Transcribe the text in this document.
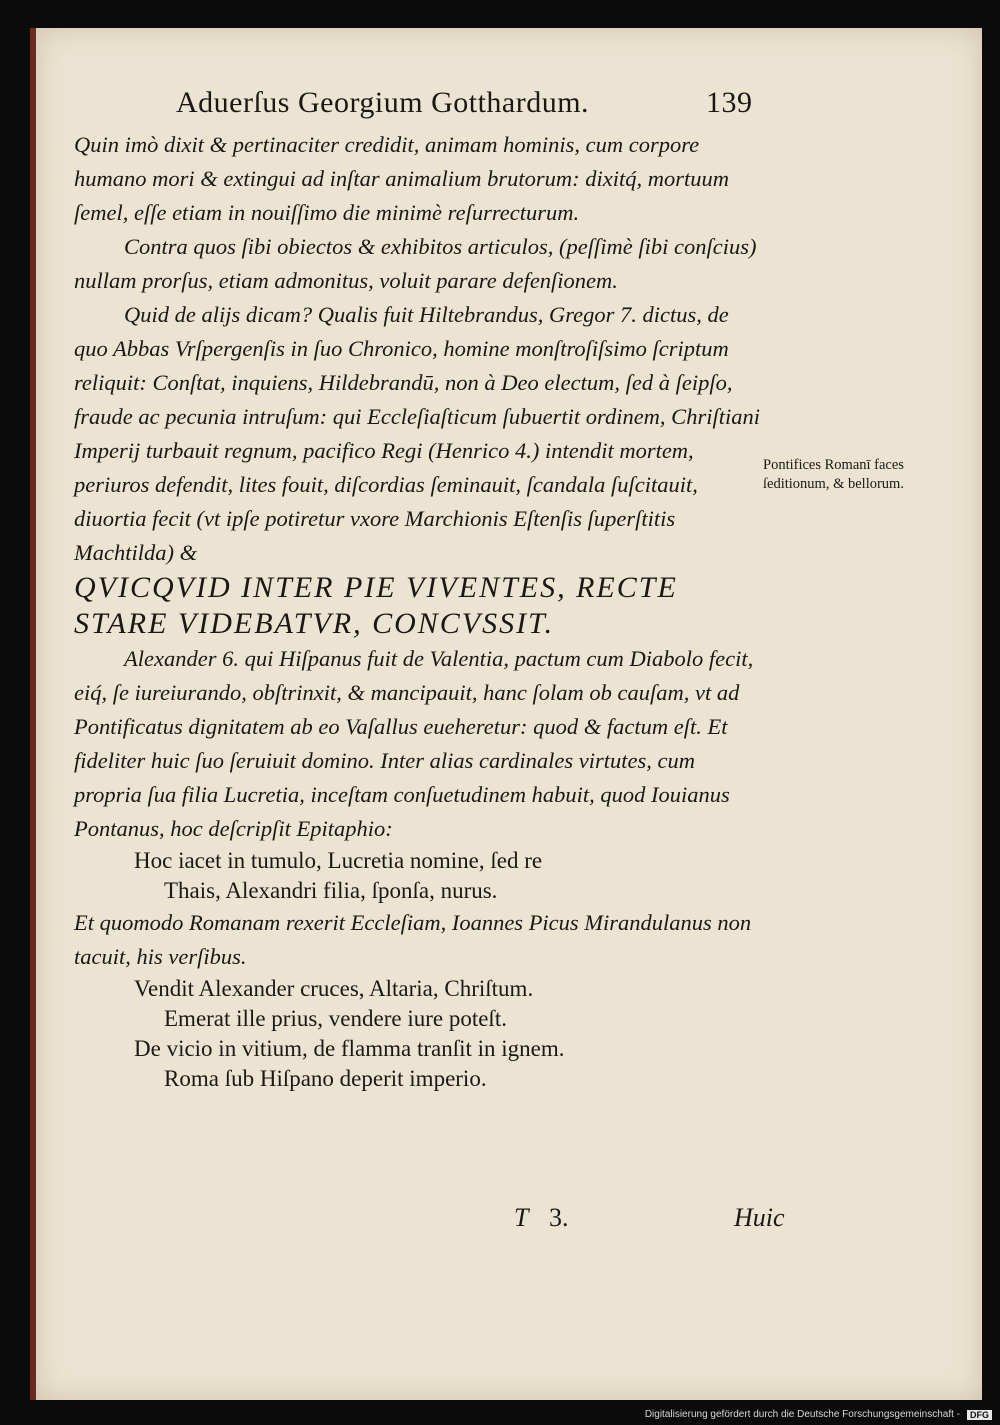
Aduerſus Georgium Gotthardum.	139

Quin imò dixit & pertinaciter credidit, animam hominis, cum corpore humano mori & extingui ad inſtar animalium brutorum: dixitq́, mortuum ſemel, eſſe etiam in nouiſſimo die minimè reſurrecturum.

Contra quos ſibi obiectos & exhibitos articulos, (peſſimè ſibi conſcius) nullam prorſus, etiam admonitus, voluit parare defenſionem.

Quid de alijs dicam? Qualis fuit Hiltebrandus, Gregor 7. dictus, de quo Abbas Vrſpergenſis in ſuo Chronico, homine monſtroſiſsimo ſcriptum reliquit: Conſtat, inquiens, Hildebrandū, non à Deo electum, ſed à ſeipſo, fraude ac pecunia intruſum: qui Eccleſiaſticum ſubuertit ordinem, Chriſtiani Imperij turbauit regnum, pacifico Regi (Henrico 4.) intendit mortem, periuros defendit, lites fouit, diſcordias ſeminauit, ſcandala ſuſcitauit, diuortia fecit (vt ipſe potiretur vxore Marchionis Eſtenſis ſuperſtitis Machtilda) &

QVICQVID INTER PIE VIVENTES, RECTE STARE VIDEBATVR, CONCVSSIT.

Alexander 6. qui Hiſpanus fuit de Valentia, pactum cum Diabolo fecit, eiq́, ſe iureiurando, obſtrinxit, & mancipauit, hanc ſolam ob cauſam, vt ad Pontificatus dignitatem ab eo Vaſallus eueheretur: quod & factum eſt. Et fideliter huic ſuo ſeruiuit domino. Inter alias cardinales virtutes, cum propria ſua filia Lucretia, inceſtam conſuetudinem habuit, quod Iouianus Pontanus, hoc deſcripſit Epitaphio:

Hoc iacet in tumulo, Lucretia nomine, ſed re

Thais, Alexandri filia, ſponſa, nurus.

Et quomodo Romanam rexerit Eccleſiam, Ioannes Picus Mirandulanus non tacuit, his verſibus.

Vendit Alexander cruces, Altaria, Chriſtum.

Emerat ille prius, vendere iure poteſt.

De vicio in vitium, de flamma tranſit in ignem.

Roma ſub Hiſpano deperit imperio.

Pontifices Romanī faces ſeditionum, & bellorum.
T 3.	Huic
Digitalisierung gefördert durch die Deutsche Forschungsgemeinschaft -	DFG
